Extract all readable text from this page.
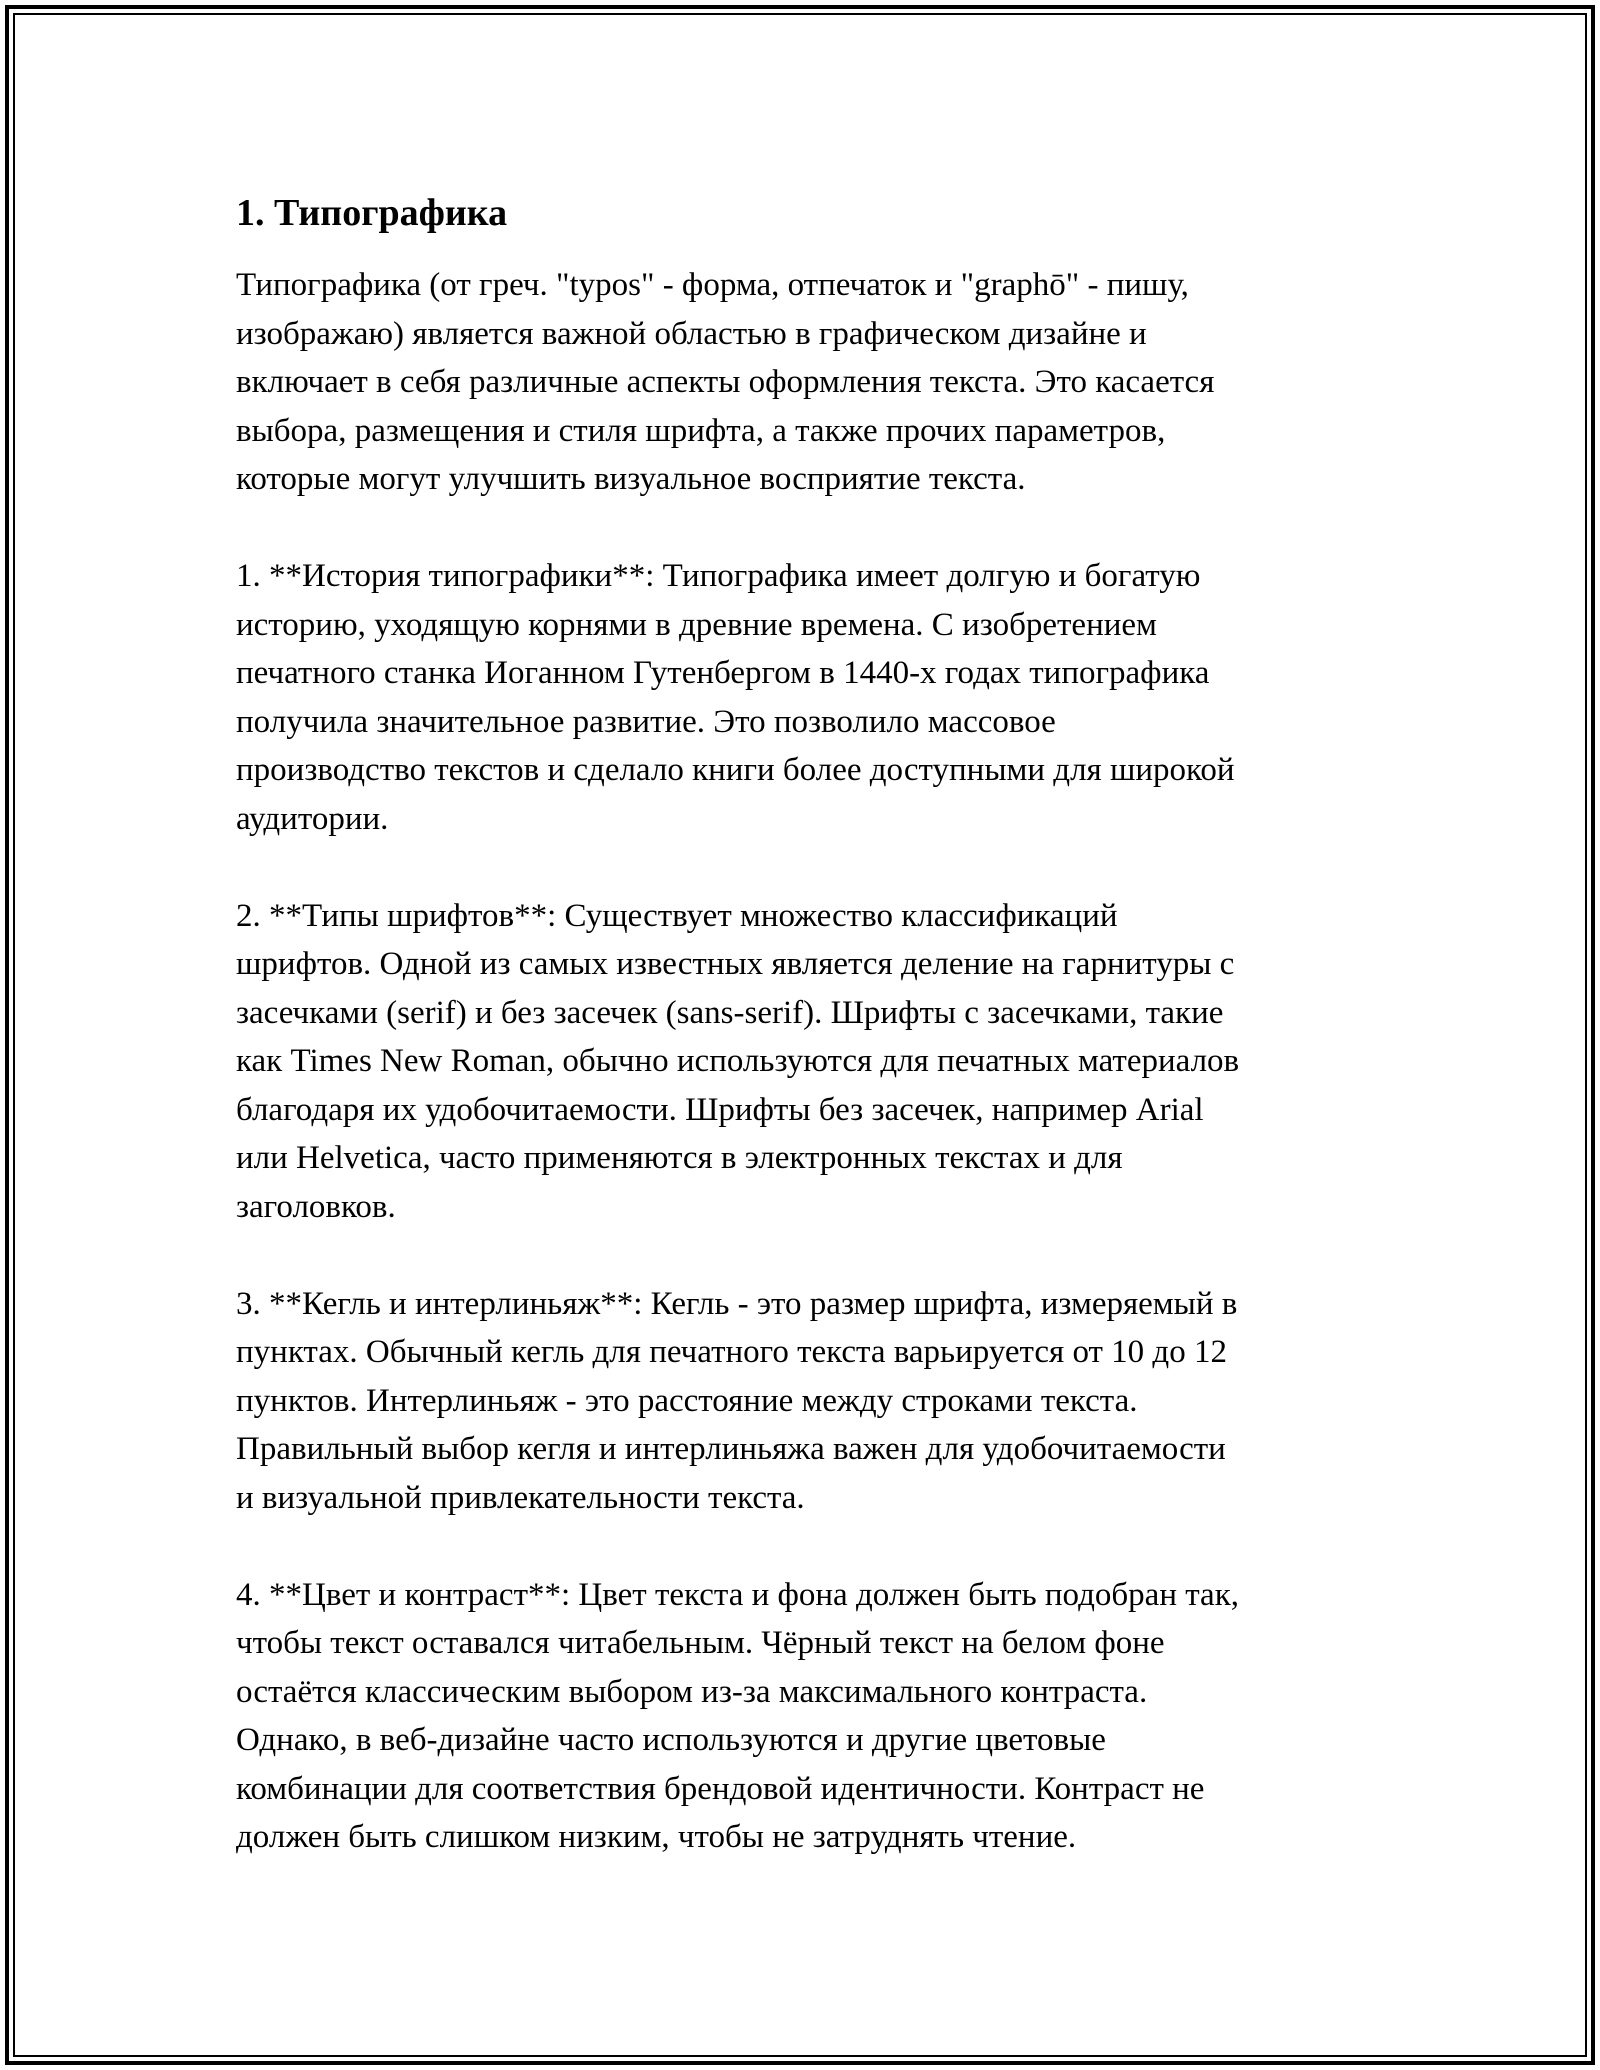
1. Типографика

Типографика (от греч. "typos" - форма, отпечаток и "graphō" - пишу,
изображаю) является важной областью в графическом дизайне и
включает в себя различные аспекты оформления текста. Это касается
выбора, размещения и стиля шрифта, а также прочих параметров,
которые могут улучшить визуальное восприятие текста.

1. **История типографики**: Типографика имеет долгую и богатую
историю, уходящую корнями в древние времена. С изобретением
печатного станка Иоганном Гутенбергом в 1440-х годах типографика
получила значительное развитие. Это позволило массовое
производство текстов и сделало книги более доступными для широкой
аудитории.

2. **Типы шрифтов**: Существует множество классификаций
шрифтов. Одной из самых известных является деление на гарнитуры с
засечками (serif) и без засечек (sans-serif). Шрифты с засечками, такие
как Times New Roman, обычно используются для печатных материалов
благодаря их удобочитаемости. Шрифты без засечек, например Arial
или Helvetica, часто применяются в электронных текстах и для
заголовков.

3. **Кегль и интерлиньяж**: Кегль - это размер шрифта, измеряемый в
пунктах. Обычный кегль для печатного текста варьируется от 10 до 12
пунктов. Интерлиньяж - это расстояние между строками текста.
Правильный выбор кегля и интерлиньяжа важен для удобочитаемости
и визуальной привлекательности текста.

4. **Цвет и контраст**: Цвет текста и фона должен быть подобран так,
чтобы текст оставался читабельным. Чёрный текст на белом фоне
остаётся классическим выбором из-за максимального контраста.
Однако, в веб-дизайне часто используются и другие цветовые
комбинации для соответствия брендовой идентичности. Контраст не
должен быть слишком низким, чтобы не затруднять чтение.
